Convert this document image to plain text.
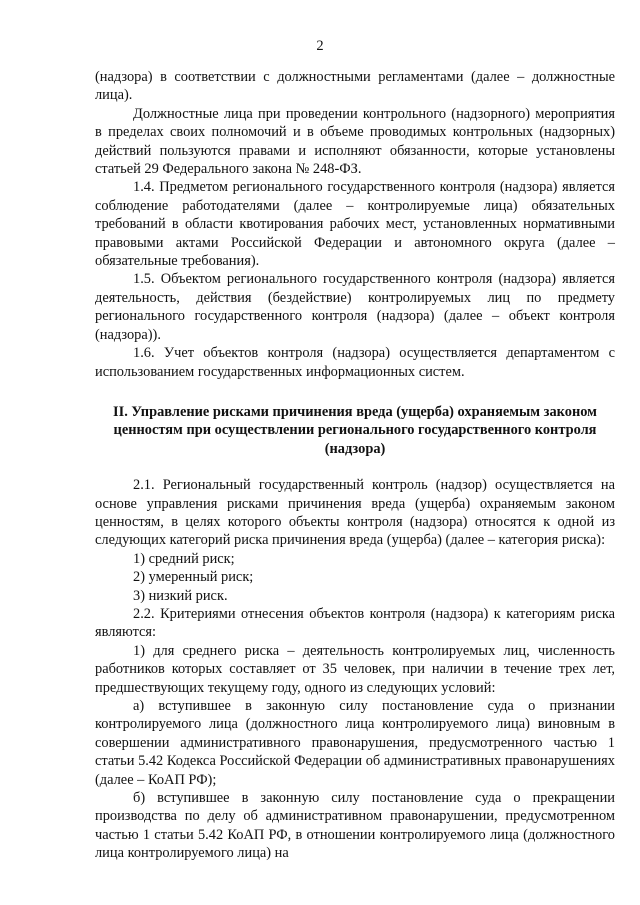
2

(надзора) в соответствии с должностными регламентами (далее – должностные лица).

Должностные лица при проведении контрольного (надзорного) мероприятия в пределах своих полномочий и в объеме проводимых контрольных (надзорных) действий пользуются правами и исполняют обязанности, которые установлены статьей 29 Федерального закона № 248-ФЗ.

1.4. Предметом регионального государственного контроля (надзора) является соблюдение работодателями (далее – контролируемые лица) обязательных требований в области квотирования рабочих мест, установленных нормативными правовыми актами Российской Федерации и автономного округа (далее – обязательные требования).

1.5. Объектом регионального государственного контроля (надзора) является деятельность, действия (бездействие) контролируемых лиц по предмету регионального государственного контроля (надзора) (далее – объект контроля (надзора)).

1.6. Учет объектов контроля (надзора) осуществляется департаментом с использованием государственных информационных систем.

II. Управление рисками причинения вреда (ущерба) охраняемым законом ценностям при осуществлении регионального государственного контроля (надзора)

2.1. Региональный государственный контроль (надзор) осуществляется на основе управления рисками причинения вреда (ущерба) охраняемым законом ценностям, в целях которого объекты контроля (надзора) относятся к одной из следующих категорий риска причинения вреда (ущерба) (далее – категория риска):

1) средний риск;

2) умеренный риск;

3) низкий риск.

2.2. Критериями отнесения объектов контроля (надзора) к категориям риска являются:

1) для среднего риска – деятельность контролируемых лиц, численность работников которых составляет от 35 человек, при наличии в течение трех лет, предшествующих текущему году, одного из следующих условий:

а) вступившее в законную силу постановление суда о признании контролируемого лица (должностного лица контролируемого лица) виновным в совершении административного правонарушения, предусмотренного частью 1 статьи 5.42 Кодекса Российской Федерации об административных правонарушениях (далее – КоАП РФ);

б) вступившее в законную силу постановление суда о прекращении производства по делу об административном правонарушении, предусмотренном частью 1 статьи 5.42 КоАП РФ, в отношении контролируемого лица (должностного лица контролируемого лица) на
